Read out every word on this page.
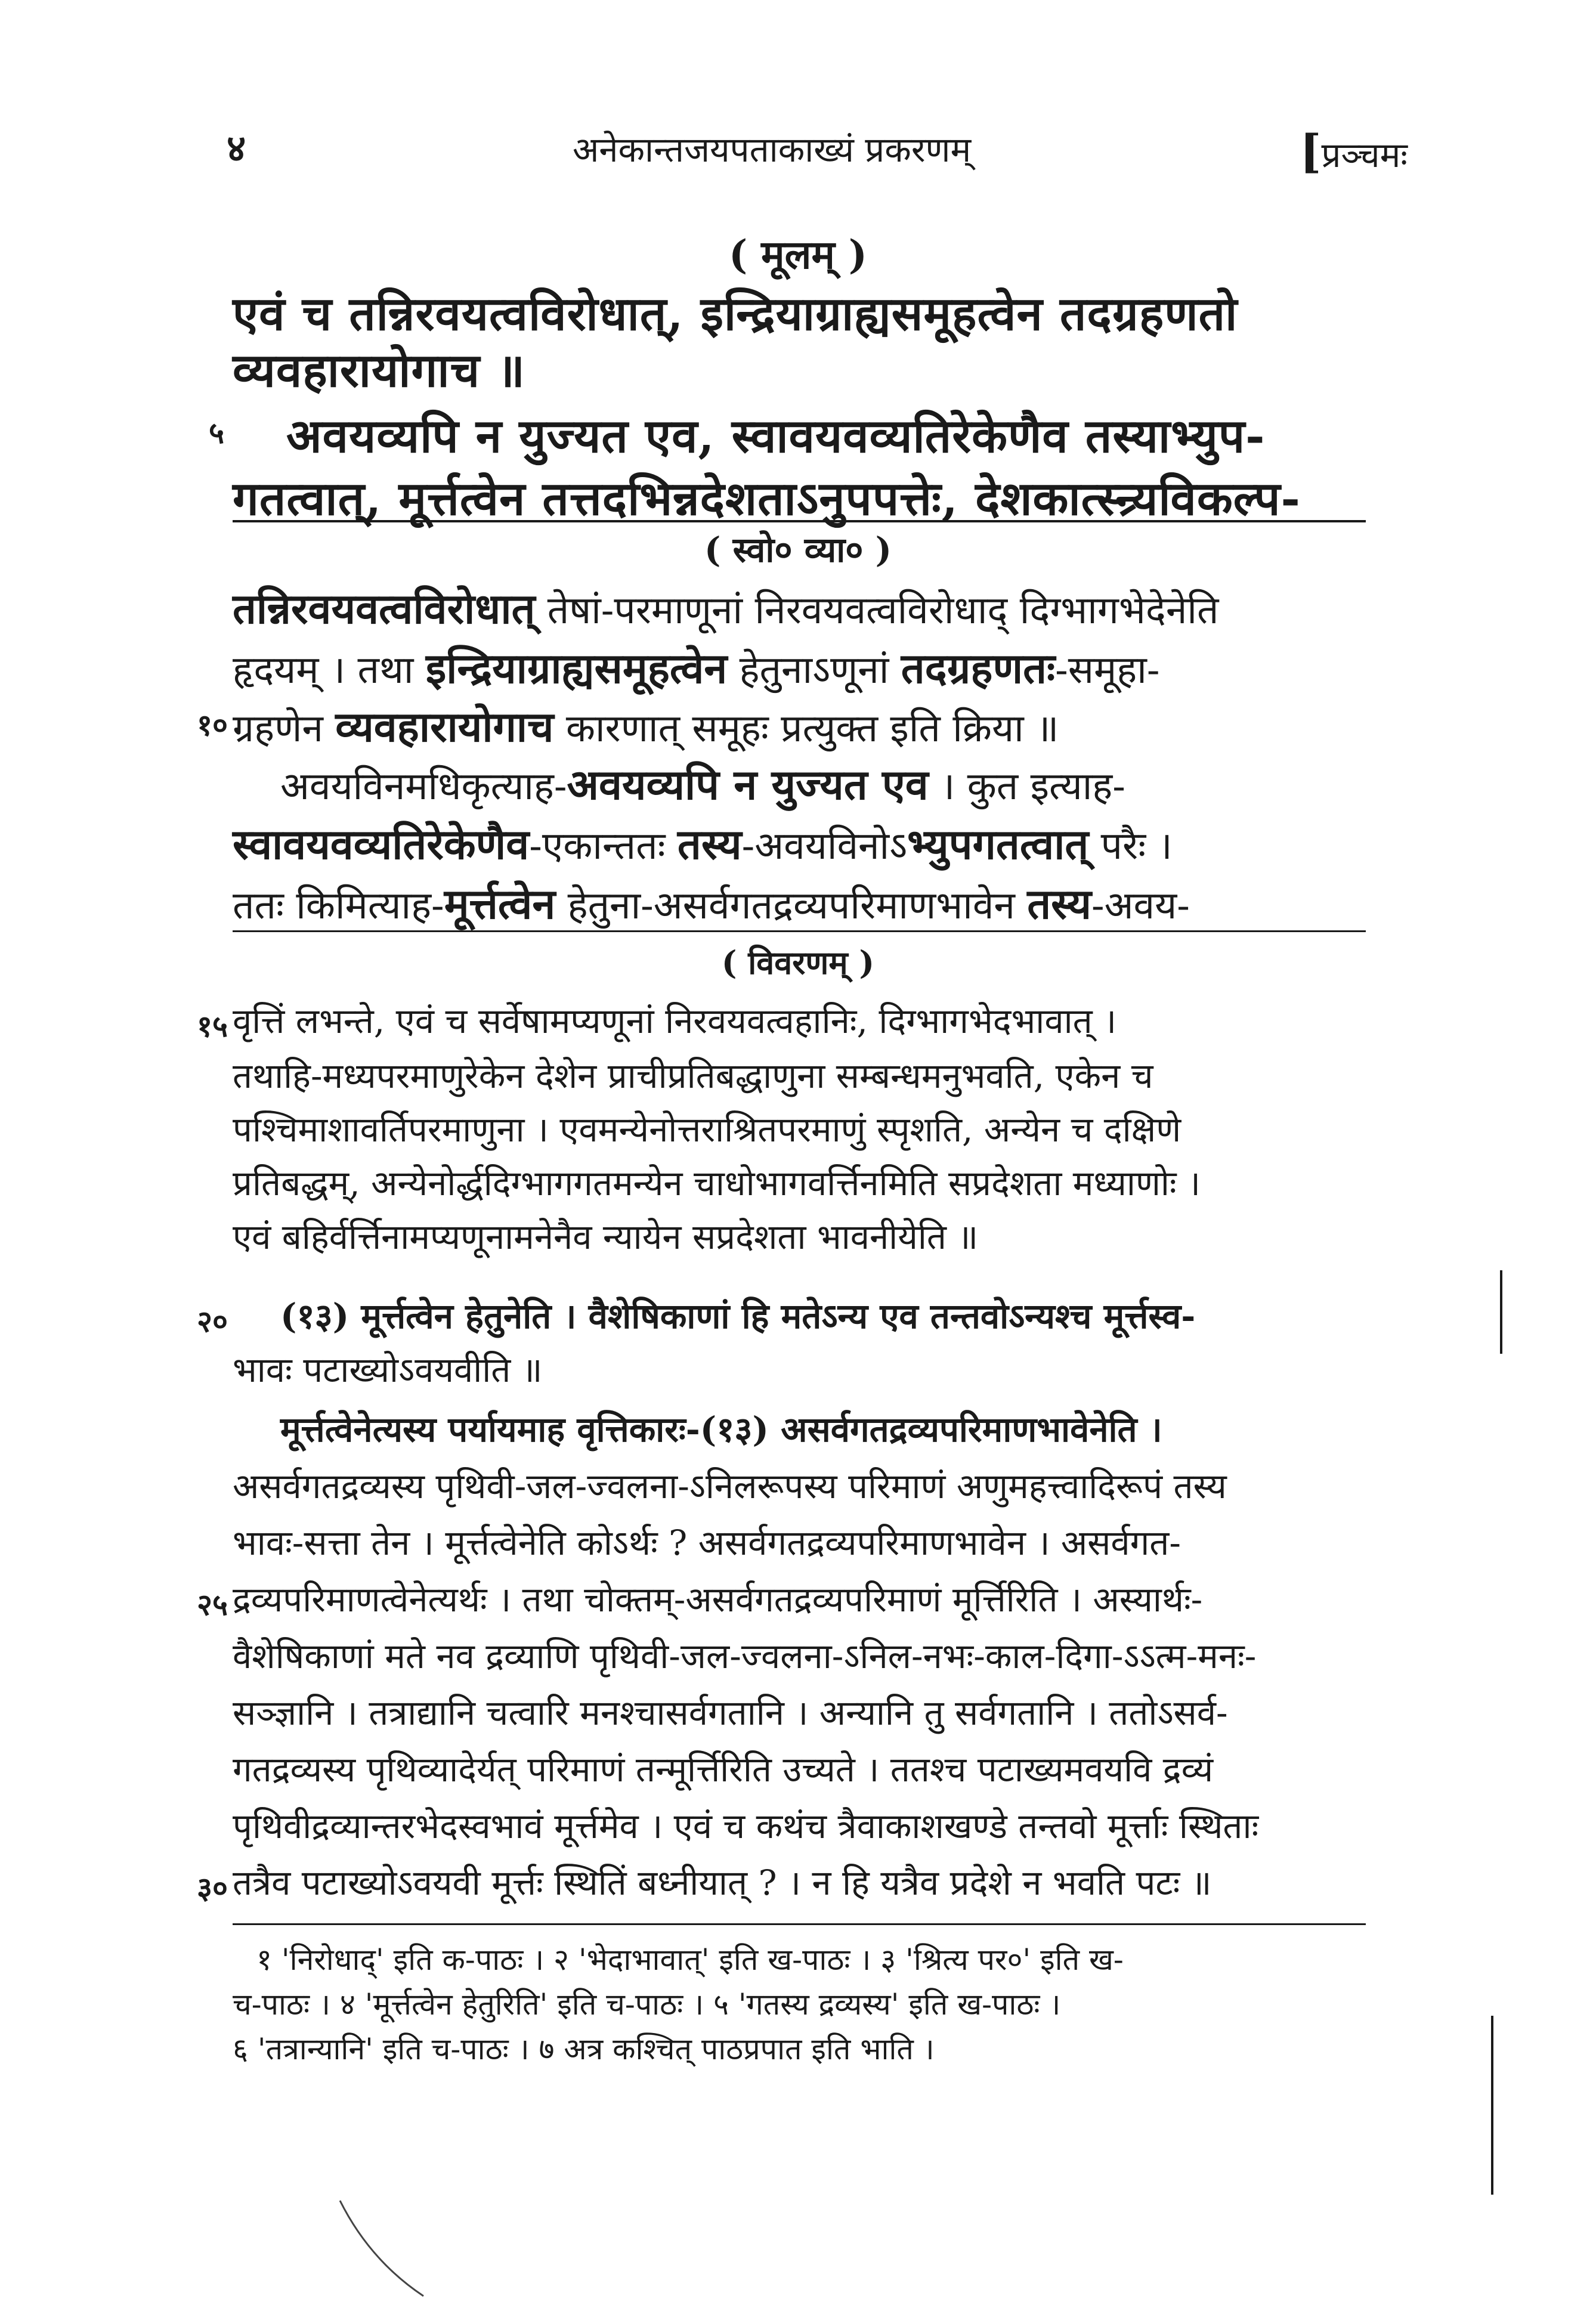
४	अनेकान्तजयपताकाख्यं प्रकरणम्	[प्रञ्चमः
( मूलम् )
एवं च तन्निरवयत्वविरोधात्, इन्द्रियाग्राह्यसमूहत्वेन तदग्रहणतो
व्यवहारायोगाच ॥
५ अवयव्यपि न युज्यत एव, स्वावयवव्यतिरेकेणैव तस्याभ्युप-
गतत्वात्, मूर्त्तत्वेन तत्तदभिन्नदेशताऽनुपपत्तेः, देशकात्स्न्र्यविकल्प-
( स्वो० व्या० )
तन्निरवयवत्वविरोधात् तेषां-परमाणूनां निरवयवत्वविरोधाद् दिग्भागभेदेनेति
हृदयम् । तथा इन्द्रियाग्राह्यसमूहत्वेन हेतुनाऽणूनां तदग्रहणतः-समूहा-
१० ग्रहणेन व्यवहारायोगाच कारणात् समूहः प्रत्युक्त इति क्रिया ॥
अवयविनमधिकृत्याह-अवयव्यपि न युज्यत एव । कुत इत्याह-
स्वावयवव्यतिरेकेणैव-एकान्ततः तस्य-अवयविनोऽभ्युपगतत्वात् परैः ।
ततः किमित्याह-मूर्त्तत्वेन हेतुना-असर्वगतद्रव्यपरिमाणभावेन तस्य-अवय-
( विवरणम् )
१५ वृत्तिं लभन्ते, एवं च सर्वेषामप्यणूनां निरवयवत्वहानिः, दिग्भागभेदभावात् ।
तथाहि-मध्यपरमाणुरेकेन देशेन प्राचीप्रतिबद्धाणुना सम्बन्धमनुभवति, एकेन च
पश्चिमाशावर्तिपरमाणुना । एवमन्येनोत्तराश्रितपरमाणुं स्पृशति, अन्येन च दक्षिणे
प्रतिबद्धम्, अन्येनोर्द्धदिग्भागगतमन्येन चाधोभागवर्त्तिनमिति सप्रदेशता मध्याणोः ।
एवं बहिर्वर्त्तिनामप्यणूनामनेनैव न्यायेन सप्रदेशता भावनीयेति ॥
२० (१३) मूर्त्तत्वेन हेतुनेति । वैशेषिकाणां हि मतेऽन्य एव तन्तवोऽन्यश्च मूर्त्तस्व-
भावः पटाख्योऽवयवीति ॥
मूर्त्तत्वेनेत्यस्य पर्यायमाह वृत्तिकारः-(१३) असर्वगतद्रव्यपरिमाणभावेनेति ।
असर्वगतद्रव्यस्य पृथिवी-जल-ज्वलना-ऽनिलरूपस्य परिमाणं अणुमहत्त्वादिरूपं तस्य
भावः-सत्ता तेन । मूर्त्तत्वेनेति कोऽर्थः ? असर्वगतद्रव्यपरिमाणभावेन । असर्वगत-
२५ द्रव्यपरिमाणत्वेनेत्यर्थः । तथा चोक्तम्-असर्वगतद्रव्यपरिमाणं मूर्त्तिरिति । अस्यार्थः-
वैशेषिकाणां मते नव द्रव्याणि पृथिवी-जल-ज्वलना-ऽनिल-नभः-काल-दिगा-ऽऽत्म-मनः-
सञ्ज्ञानि । तत्राद्यानि चत्वारि मनश्चासर्वगतानि । अन्यानि तु सर्वगतानि । ततोऽसर्व-
गतद्रव्यस्य पृथिव्यादेर्यत् परिमाणं तन्मूर्त्तिरिति उच्यते । ततश्च पटाख्यमवयवि द्रव्यं
पृथिवीद्रव्यान्तरभेदस्वभावं मूर्त्तमेव । एवं च कथंच त्रैवाकाशखण्डे तन्तवो मूर्त्ताः स्थिताः
३० तत्रैव पटाख्योऽवयवी मूर्त्तः स्थितिं बध्नीयात् ? । न हि यत्रैव प्रदेशे न भवति पटः ॥
१ 'निरोधाद्' इति क-पाठः । २ 'भेदाभावात्' इति ख-पाठः । ३ 'श्रित्य पर०' इति ख-
च-पाठः । ४ 'मूर्त्तत्वेन हेतुरिति' इति च-पाठः । ५ 'गतस्य द्रव्यस्य' इति ख-पाठः ।
६ 'तत्रान्यानि' इति च-पाठः । ७ अत्र कश्चित् पाठप्रपात इति भाति ।
